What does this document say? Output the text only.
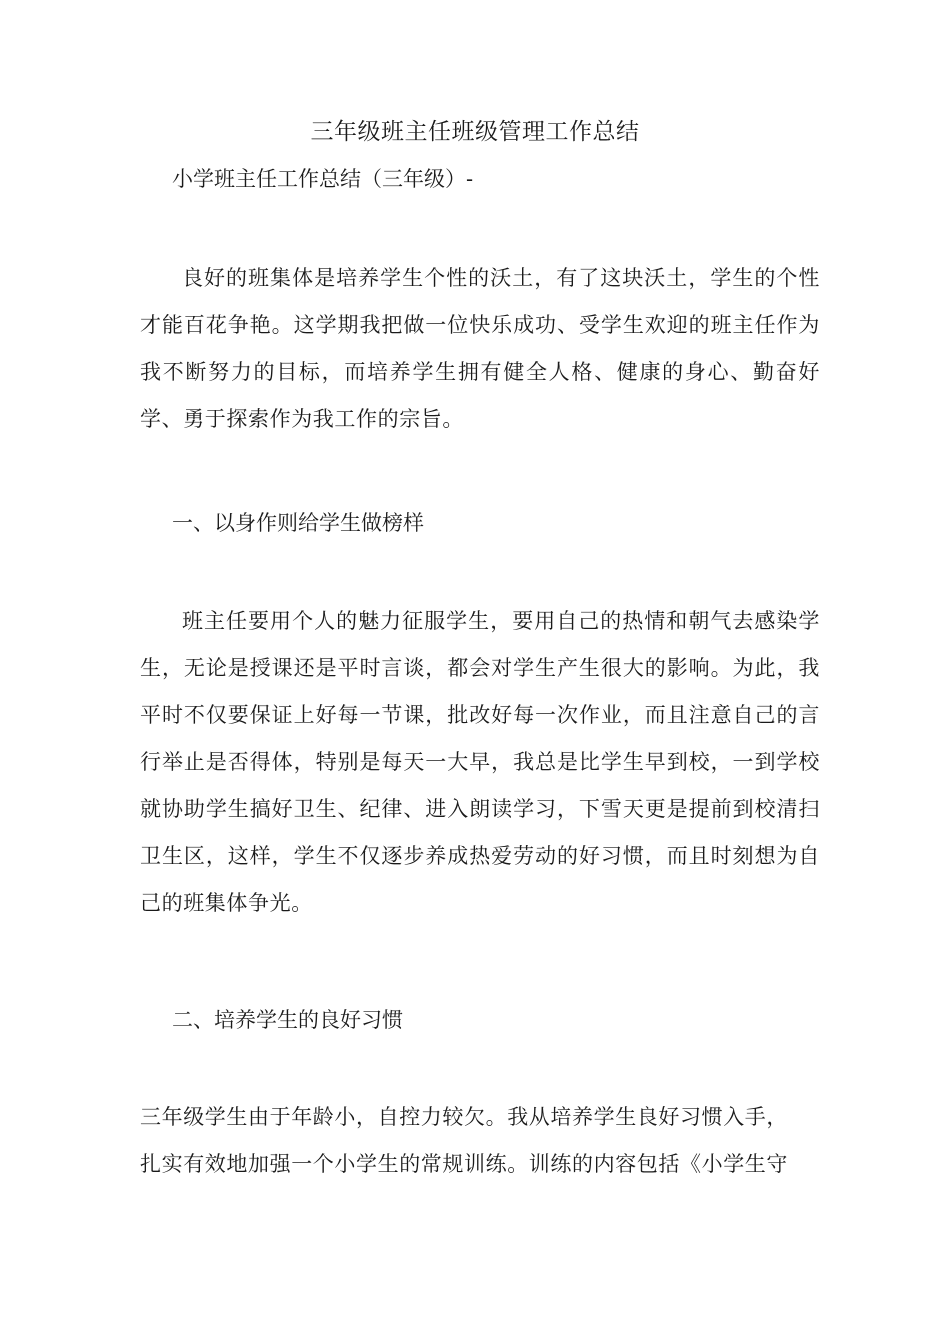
三年级班主任班级管理工作总结
小学班主任工作总结（三年级）-

良好的班集体是培养学生个性的沃土，有了这块沃土，学生的个性才能百花争艳。这学期我把做一位快乐成功、受学生欢迎的班主任作为我不断努力的目标，而培养学生拥有健全人格、健康的身心、勤奋好学、勇于探索作为我工作的宗旨。

一、以身作则给学生做榜样

班主任要用个人的魅力征服学生，要用自己的热情和朝气去感染学生，无论是授课还是平时言谈，都会对学生产生很大的影响。为此，我平时不仅要保证上好每一节课，批改好每一次作业，而且注意自己的言行举止是否得体，特别是每天一大早，我总是比学生早到校，一到学校就协助学生搞好卫生、纪律、进入朗读学习，下雪天更是提前到校清扫卫生区，这样，学生不仅逐步养成热爱劳动的好习惯，而且时刻想为自己的班集体争光。

二、培养学生的良好习惯
三年级学生由于年龄小，自控力较欠。我从培养学生良好习惯入手，
扎实有效地加强一个小学生的常规训练。训练的内容包括《小学生守
